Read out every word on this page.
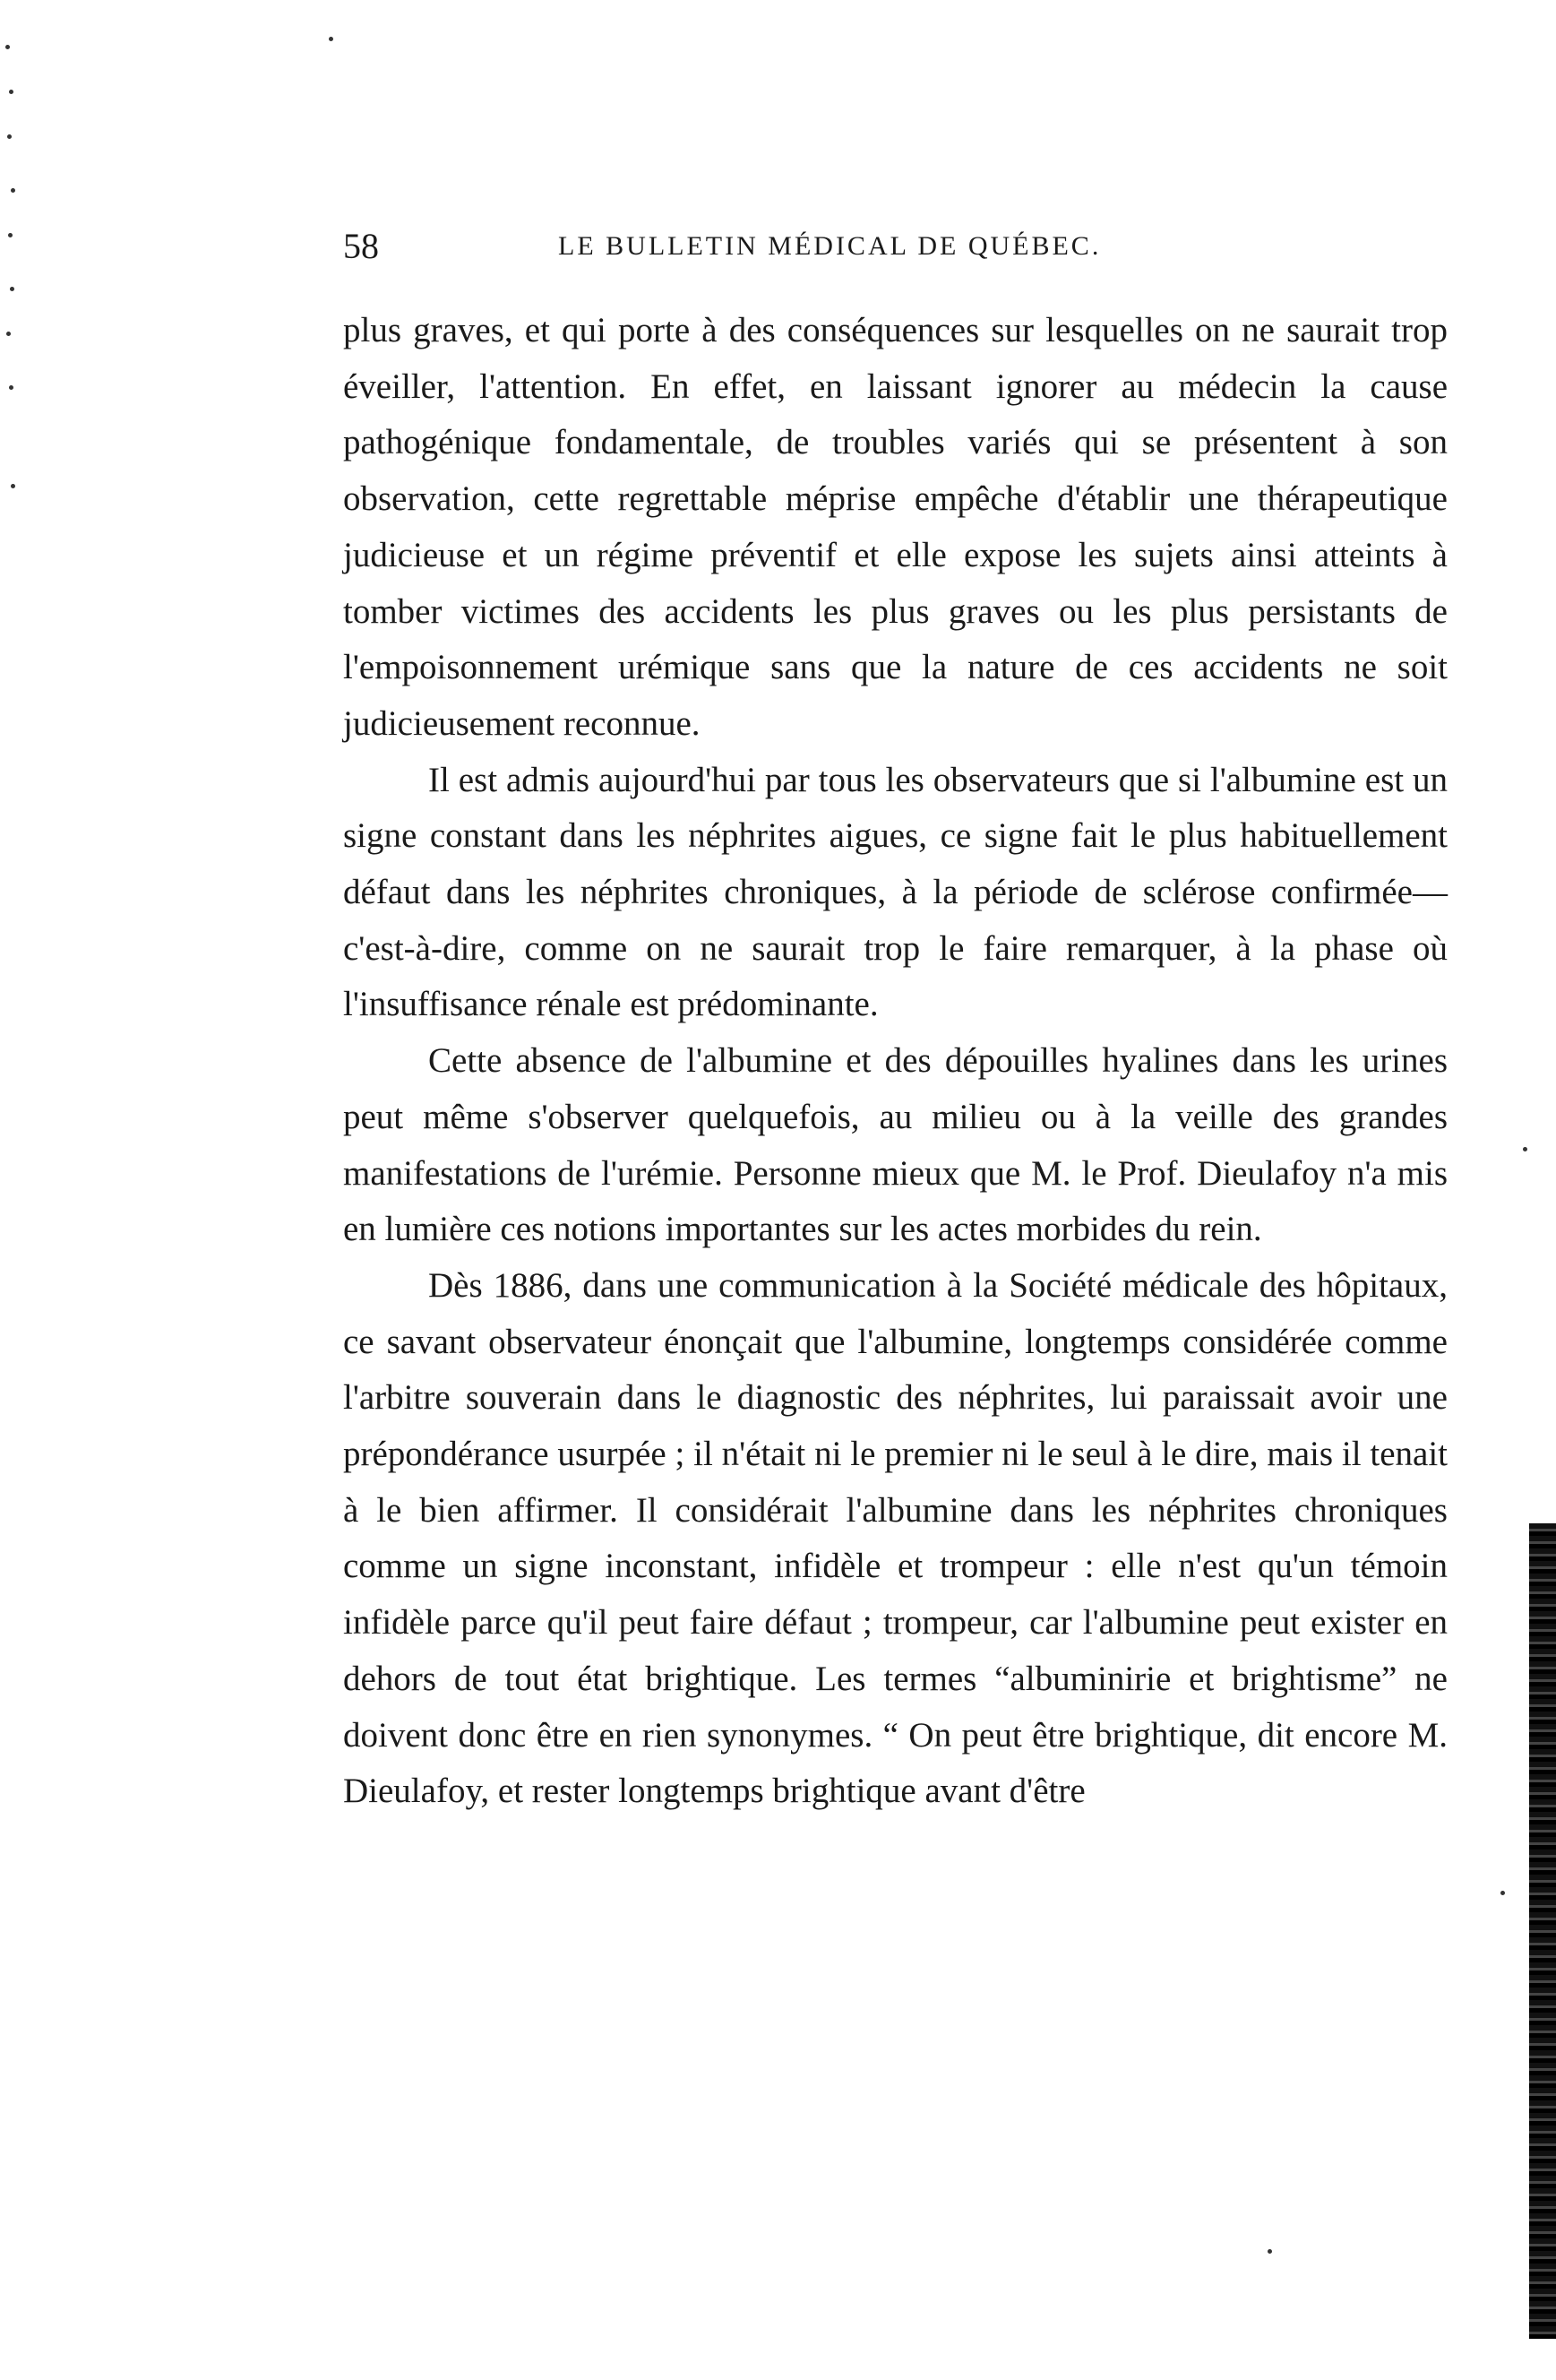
58	LE BULLETIN MÉDICAL DE QUÉBEC.

plus graves, et qui porte à des conséquences sur lesquelles on ne saurait trop éveiller, l'attention. En effet, en laissant ignorer au médecin la cause pathogénique fondamentale, de troubles variés qui se présentent à son observation, cette regrettable méprise empêche d'établir une thérapeutique judicieuse et un régime préventif et elle expose les sujets ainsi atteints à tomber victimes des accidents les plus graves ou les plus persistants de l'empoisonnement urémique sans que la nature de ces accidents ne soit judicieusement reconnue.

Il est admis aujourd'hui par tous les observateurs que si l'albumine est un signe constant dans les néphrites aigues, ce signe fait le plus habituellement défaut dans les néphrites chroniques, à la période de sclérose confirmée—c'est-à-dire, comme on ne saurait trop le faire remarquer, à la phase où l'insuffisance rénale est prédominante.

Cette absence de l'albumine et des dépouilles hyalines dans les urines peut même s'observer quelquefois, au milieu ou à la veille des grandes manifestations de l'urémie. Personne mieux que M. le Prof. Dieulafoy n'a mis en lumière ces notions importantes sur les actes morbides du rein.

Dès 1886, dans une communication à la Société médicale des hôpitaux, ce savant observateur énonçait que l'albumine, longtemps considérée comme l'arbitre souverain dans le diagnostic des néphrites, lui paraissait avoir une prépondérance usurpée ; il n'était ni le premier ni le seul à le dire, mais il tenait à le bien affirmer. Il considérait l'albumine dans les néphrites chroniques comme un signe inconstant, infidèle et trompeur : elle n'est qu'un témoin infidèle parce qu'il peut faire défaut ; trompeur, car l'albumine peut exister en dehors de tout état brightique. Les termes “albuminirie et brightisme” ne doivent donc être en rien synonymes. “ On peut être brightique, dit encore M. Dieulafoy, et rester longtemps brightique avant d'être
